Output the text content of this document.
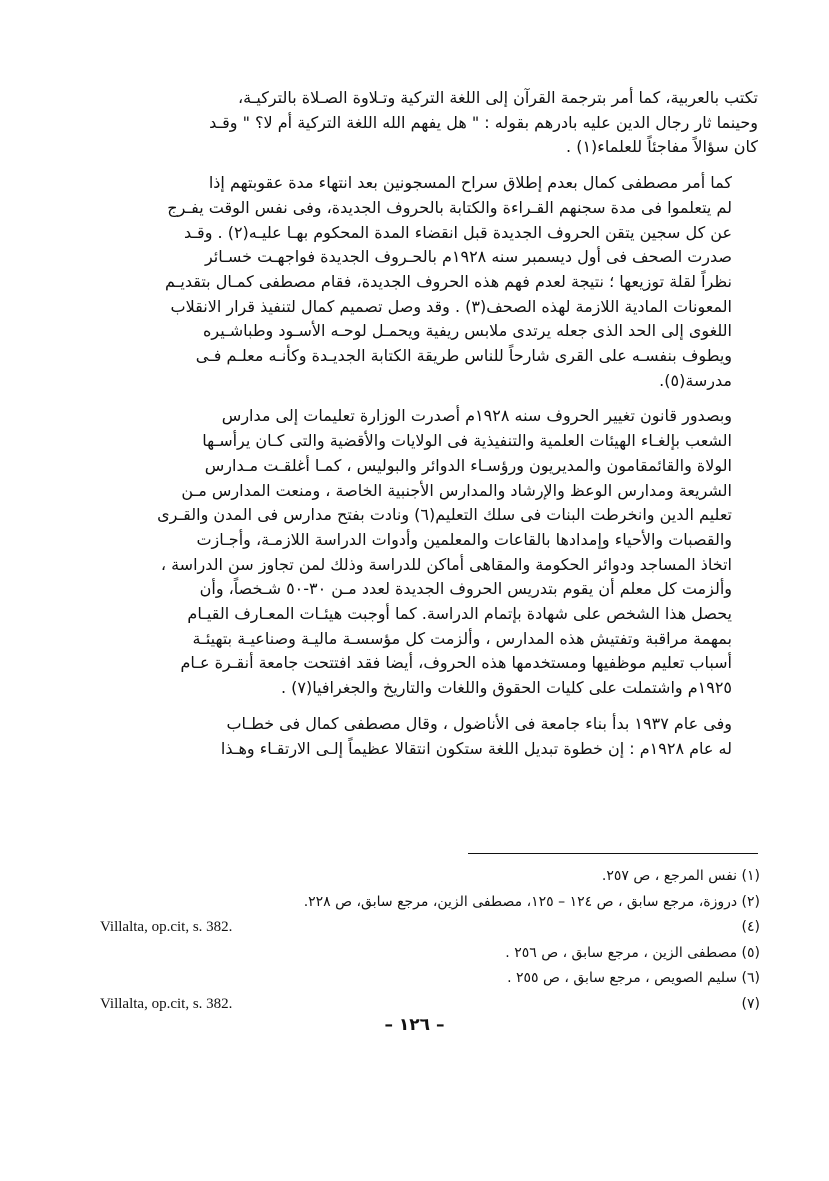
تكتب بالعربية، كما أمر بترجمة القرآن إلى اللغة التركية وتـلاوة الصـلاة بالتركيـة،
وحينما ثار رجال الدين عليه بادرهم بقوله : " هل يفهم الله اللغة التركية أم لا؟ " وقـد
كان سؤالاً مفاجئاً للعلماء(١) .

كما أمر مصطفى كمال بعدم إطلاق سراح المسجونين بعد انتهاء مدة عقوبتهم إذا
لم يتعلموا فى مدة سجنهم القـراءة والكتابة بالحروف الجديدة، وفى نفس الوقت يفـرج
عن كل سجين يتقن الحروف الجديدة قبل انقضاء المدة المحكوم بهـا عليـه(٢) . وقـد
صدرت الصحف فى أول ديسمبر سنه ١٩٢٨م بالحـروف الجديدة فواجهـت خسـائر
نظراً لقلة توزيعها ؛ نتيجة لعدم فهم هذه الحروف الجديدة، فقام مصطفى كمـال بتقديـم
المعونات المادية اللازمة لهذه الصحف(٣) . وقد وصل تصميم كمال لتنفيذ قرار الانقلاب
اللغوى إلى الحد الذى جعله يرتدى ملابس ريفية ويحمـل لوحـه الأسـود وطباشـيره
ويطوف بنفسـه على القرى شارحاً للناس طريقة الكتابة الجديـدة وكأنـه معلـم فـى
مدرسة(٥).

وبصدور قانون تغيير الحروف سنه ١٩٢٨م أصدرت الوزارة تعليمات إلى مدارس
الشعب بإلغـاء الهيئات العلمية والتنفيذية فى الولايات والأقضية والتى كـان يرأسـها
الولاة والقائمقامون والمديريون ورؤسـاء الدوائر والبوليس ، كمـا أغلقـت مـدارس
الشريعة ومدارس الوعظ والإرشاد والمدارس الأجنبية الخاصة ، ومنعت المدارس مـن
تعليم الدين وانخرطت البنات فى سلك التعليم(٦) ونادت بفتح مدارس فى المدن والقـرى
والقصبات والأحياء وإمدادها بالقاعات والمعلمين وأدوات الدراسة اللازمـة، وأجـازت
اتخاذ المساجد ودوائر الحكومة والمقاهى أماكن للدراسة وذلك لمن تجاوز سن الدراسة ،
وألزمت كل معلم أن يقوم بتدريس الحروف الجديدة لعدد مـن ٣٠-٥٠ شـخصاً، وأن
يحصل هذا الشخص على شهادة بإتمام الدراسة. كما أوجبت هيئـات المعـارف القيـام
بمهمة مراقبة وتفتيش هذه المدارس ، وألزمت كل مؤسسـة ماليـة وصناعيـة بتهيئـة
أسباب تعليم موظفيها ومستخدمها هذه الحروف، أيضا فقد افتتحت جامعة أنقـرة عـام
١٩٢٥م واشتملت على كليات الحقوق واللغات والتاريخ والجغرافيا(٧) .

وفى عام ١٩٣٧ بدأ بناء جامعة فى الأناضول ، وقال مصطفى كمال فى خطـاب
له عام ١٩٢٨م : إن خطوة تبديل اللغة ستكون انتقالا عظيماً إلـى الارتقـاء وهـذا

(١) نفس المرجع ، ص ٢٥٧.
(٢) دروزة، مرجع سابق ، ص ١٢٤ – ١٢٥، مصطفى الزين، مرجع سابق، ص ٢٢٨.
(٤)
Villalta, op.cit, s. 382.
(٥) مصطفى الزين ، مرجع سابق ، ص ٢٥٦ .
(٦) سليم الصويص ، مرجع سابق ، ص ٢٥٥ .
(٧)
Villalta, op.cit, s. 382.
– ١٢٦ –
